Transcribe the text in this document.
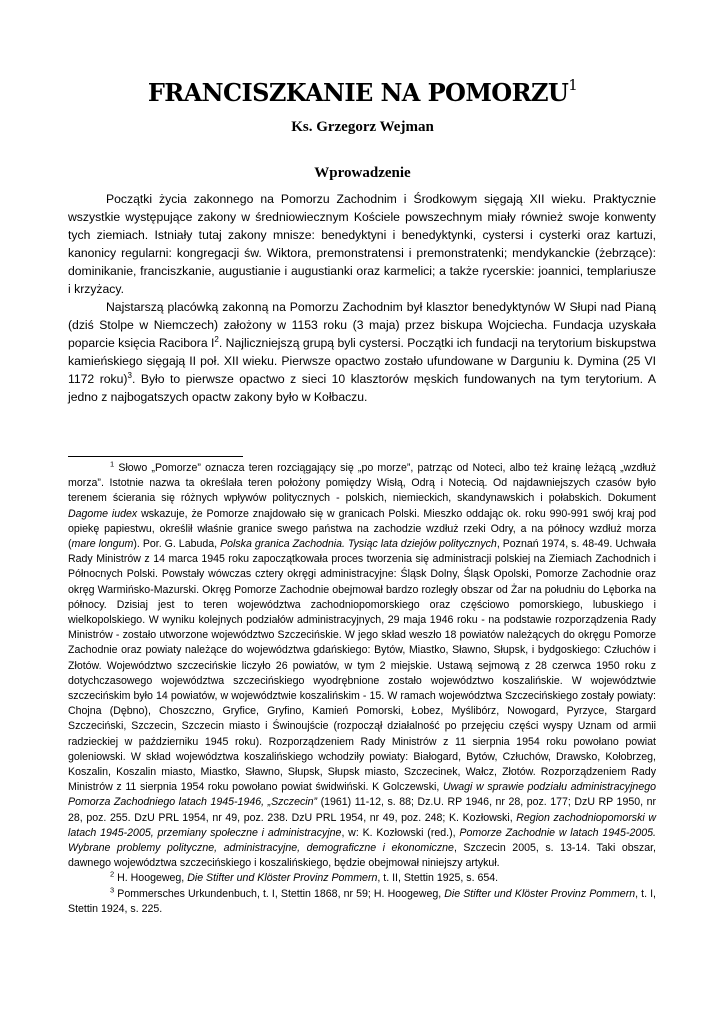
FRANCISZKANIE NA POMORZU$^1$
Ks. Grzegorz Wejman
Wprowadzenie

Początki życia zakonnego na Pomorzu Zachodnim i Środkowym sięgają XII wieku. Praktycznie wszystkie występujące zakony w średniowiecznym Kościele powszechnym miały również swoje konwenty tych ziemiach. Istniały tutaj zakony mnisze: benedyktyni i benedyktynki, cystersi i cysterki oraz kartuzi, kanonicy regularni: kongregacji św. Wiktora, premonstratensi i premonstratenki; mendykanckie (żebrzące): dominikanie, franciszkanie, augustianie i augustianki oraz karmelici; a także rycerskie: joannici, templariusze i krzyżacy.

Najstarszą placówką zakonną na Pomorzu Zachodnim był klasztor benedyktynów W Słupi nad Pianą (dziś Stolpe w Niemczech) założony w 1153 roku (3 maja) przez biskupa Wojciecha. Fundacja uzyskała poparcie księcia Racibora $I^2$. Najliczniejszą grupą byli cystersi. Początki ich fundacji na terytorium biskupstwa kamieńskiego sięgają II poł. XII wieku. Pierwsze opactwo zostało ufundowane w Darguniu k. Dymina (25 VI 1172 roku)$^3$. Było to pierwsze opactwo z sieci 10 klasztorów męskich fundowanych na tym terytorium. A jedno z najbogatszych opactw zakony było w Kołbaczu.

$^1$ Słowo „Pomorze” oznacza teren rozciągający się „po morze”, patrząc od Noteci, albo też krainę leżącą „wzdłuż morza”. Istotnie nazwa ta określała teren położony pomiędzy Wisłą, Odrą i Notecią. Od najdawniejszych czasów było terenem ścierania się różnych wpływów politycznych - polskich, niemieckich, skandynawskich i połabskich. Dokument Dagome iudex wskazuje, że Pomorze znajdowało się w granicach Polski. Mieszko oddając ok. roku 990-991 swój kraj pod opiekę papiestwu, określił właśnie granice swego państwa na zachodzie wzdłuż rzeki Odry, a na północy wzdłuż morza (mare longum). Por. G. Labuda, Polska granica Zachodnia. Tysiąc lata dziejów politycznych, Poznań 1974, s. 48-49. Uchwała Rady Ministrów z 14 marca 1945 roku zapoczątkowała proces tworzenia się administracji polskiej na Ziemiach Zachodnich i Północnych Polski. Powstały wówczas cztery okręgi administracyjne: Śląsk Dolny, Śląsk Opolski, Pomorze Zachodnie oraz okręg Warmińsko-Mazurski. Okręg Pomorze Zachodnie obejmował bardzo rozległy obszar od Żar na południu do Lęborka na północy. Dzisiaj jest to teren województwa zachodniopomorskiego oraz częściowo pomorskiego, lubuskiego i wielkopolskiego. W wyniku kolejnych podziałów administracyjnych, 29 maja 1946 roku - na podstawie rozporządzenia Rady Ministrów - zostało utworzone województwo Szczecińskie. W jego skład weszło 18 powiatów należących do okręgu Pomorze Zachodnie oraz powiaty należące do województwa gdańskiego: Bytów, Miastko, Sławno, Słupsk, i bydgoskiego: Człuchów i Złotów. Województwo szczecińskie liczyło 26 powiatów, w tym 2 miejskie. Ustawą sejmową z 28 czerwca 1950 roku z dotychczasowego województwa szczecińskiego wyodrębnione zostało województwo koszalińskie. W województwie szczecińskim było 14 powiatów, w województwie koszalińskim - 15. W ramach województwa Szczecińskiego zostały powiaty: Chojna (Dębno), Choszczno, Gryfice, Gryfino, Kamień Pomorski, Łobez, Myślibórz, Nowogard, Pyrzyce, Stargard Szczeciński, Szczecin, Szczecin miasto i Świnoujście (rozpoczął działalność po przejęciu części wyspy Uznam od armii radzieckiej w październiku 1945 roku). Rozporządzeniem Rady Ministrów z 11 sierpnia 1954 roku powołano powiat goleniowski. W skład województwa koszalińskiego wchodziły powiaty: Białogard, Bytów, Człuchów, Drawsko, Kołobrzeg, Koszalin, Koszalin miasto, Miastko, Sławno, Słupsk, Słupsk miasto, Szczecinek, Wałcz, Złotów. Rozporządzeniem Rady Ministrów z 11 sierpnia 1954 roku powołano powiat świdwiński. K Golczewski, Uwagi w sprawie podziału administracyjnego Pomorza Zachodniego latach 1945-1946, „Szczecin” (1961) 11-12, s. 88; Dz.U. RP 1946, nr 28, poz. 177; DzU RP 1950, nr 28, poz. 255. DzU PRL 1954, nr 49, poz. 238. DzU PRL 1954, nr 49, poz. 248; K. Kozłowski, Region zachodniopomorski w latach 1945-2005, przemiany społeczne i administracyjne, w: K. Kozłowski (red.), Pomorze Zachodnie w latach 1945-2005. Wybrane problemy polityczne, administracyjne, demograficzne i ekonomiczne, Szczecin 2005, s. 13-14. Taki obszar, dawnego województwa szczecińskiego i koszalińskiego, będzie obejmował niniejszy artykuł.

$^2$ H. Hoogeweg, Die Stifter und Klöster Provinz Pommern, t. II, Stettin 1925, s. 654.

$^3$ Pommersches Urkundenbuch, t. I, Stettin 1868, nr 59; H. Hoogeweg, Die Stifter und Klöster Provinz Pommern, t. I, Stettin 1924, s. 225.
